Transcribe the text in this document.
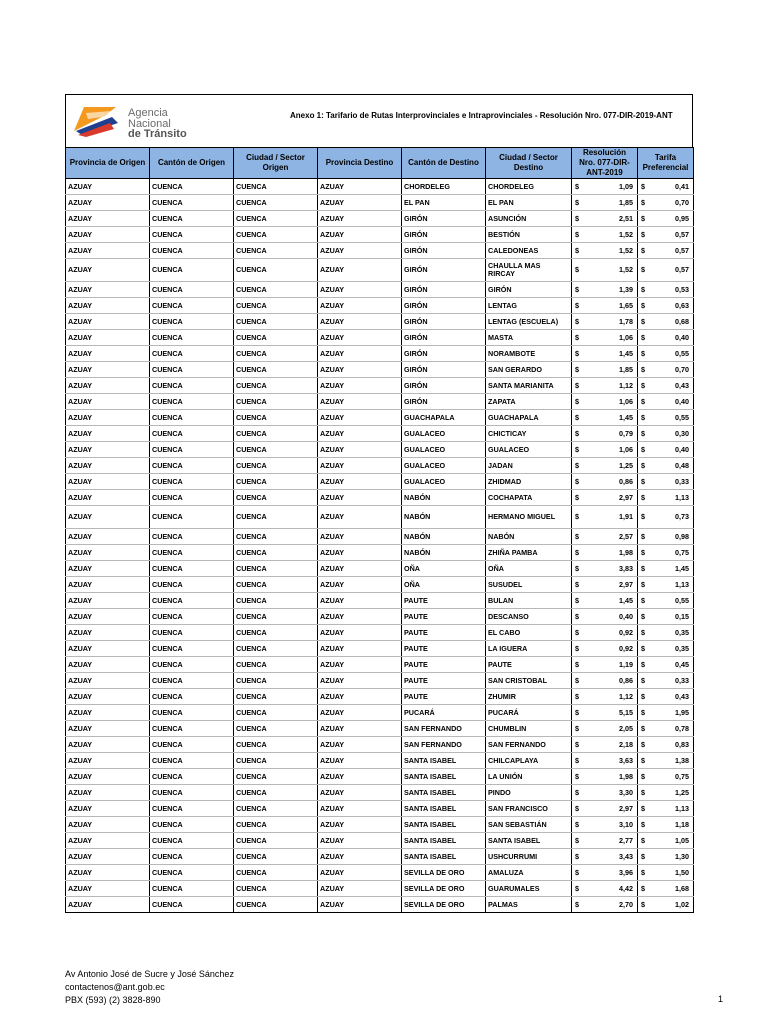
Agencia
Nacional
de Tránsito
Anexo 1: Tarifario de Rutas Interprovinciales e Intraprovinciales - Resolución Nro. 077-DIR-2019-ANT
Provincia de Origen	Cantón de Origen	Ciudad / Sector Origen	Provincia Destino	Cantón de Destino	Ciudad / Sector Destino	Resolución Nro. 077-DIR-ANT-2019	Tarifa Preferencial
AZUAY	CUENCA	CUENCA	AZUAY	CHORDELEG	CHORDELEG	$ 1,09	$ 0,41

AZUAY	CUENCA	CUENCA	AZUAY	EL PAN	EL PAN	$ 1,85	$ 0,70

AZUAY	CUENCA	CUENCA	AZUAY	GIRÓN	ASUNCIÓN	$ 2,51	$ 0,95

AZUAY	CUENCA	CUENCA	AZUAY	GIRÓN	BESTIÓN	$ 1,52	$ 0,57

AZUAY	CUENCA	CUENCA	AZUAY	GIRÓN	CALEDONEAS	$ 1,52	$ 0,57

AZUAY	CUENCA	CUENCA	AZUAY	GIRÓN	CHAULLA MAS RIRCAY	$ 1,52	$ 0,57

AZUAY	CUENCA	CUENCA	AZUAY	GIRÓN	GIRÓN	$ 1,39	$ 0,53

AZUAY	CUENCA	CUENCA	AZUAY	GIRÓN	LENTAG	$ 1,65	$ 0,63

AZUAY	CUENCA	CUENCA	AZUAY	GIRÓN	LENTAG (ESCUELA)	$ 1,78	$ 0,68

AZUAY	CUENCA	CUENCA	AZUAY	GIRÓN	MASTA	$ 1,06	$ 0,40

AZUAY	CUENCA	CUENCA	AZUAY	GIRÓN	NORAMBOTE	$ 1,45	$ 0,55

AZUAY	CUENCA	CUENCA	AZUAY	GIRÓN	SAN GERARDO	$ 1,85	$ 0,70

AZUAY	CUENCA	CUENCA	AZUAY	GIRÓN	SANTA MARIANITA	$ 1,12	$ 0,43

AZUAY	CUENCA	CUENCA	AZUAY	GIRÓN	ZAPATA	$ 1,06	$ 0,40

AZUAY	CUENCA	CUENCA	AZUAY	GUACHAPALA	GUACHAPALA	$ 1,45	$ 0,55

AZUAY	CUENCA	CUENCA	AZUAY	GUALACEO	CHICTICAY	$ 0,79	$ 0,30

AZUAY	CUENCA	CUENCA	AZUAY	GUALACEO	GUALACEO	$ 1,06	$ 0,40

AZUAY	CUENCA	CUENCA	AZUAY	GUALACEO	JADAN	$ 1,25	$ 0,48

AZUAY	CUENCA	CUENCA	AZUAY	GUALACEO	ZHIDMAD	$ 0,86	$ 0,33

AZUAY	CUENCA	CUENCA	AZUAY	NABÓN	COCHAPATA	$ 2,97	$ 1,13

AZUAY	CUENCA	CUENCA	AZUAY	NABÓN	HERMANO MIGUEL	$ 1,91	$ 0,73

AZUAY	CUENCA	CUENCA	AZUAY	NABÓN	NABÓN	$ 2,57	$ 0,98

AZUAY	CUENCA	CUENCA	AZUAY	NABÓN	ZHIÑA PAMBA	$ 1,98	$ 0,75

AZUAY	CUENCA	CUENCA	AZUAY	OÑA	OÑA	$ 3,83	$ 1,45

AZUAY	CUENCA	CUENCA	AZUAY	OÑA	SUSUDEL	$ 2,97	$ 1,13

AZUAY	CUENCA	CUENCA	AZUAY	PAUTE	BULAN	$ 1,45	$ 0,55

AZUAY	CUENCA	CUENCA	AZUAY	PAUTE	DESCANSO	$ 0,40	$ 0,15

AZUAY	CUENCA	CUENCA	AZUAY	PAUTE	EL CABO	$ 0,92	$ 0,35

AZUAY	CUENCA	CUENCA	AZUAY	PAUTE	LA IGUERA	$ 0,92	$ 0,35

AZUAY	CUENCA	CUENCA	AZUAY	PAUTE	PAUTE	$ 1,19	$ 0,45

AZUAY	CUENCA	CUENCA	AZUAY	PAUTE	SAN CRISTOBAL	$ 0,86	$ 0,33

AZUAY	CUENCA	CUENCA	AZUAY	PAUTE	ZHUMIR	$ 1,12	$ 0,43

AZUAY	CUENCA	CUENCA	AZUAY	PUCARÁ	PUCARÁ	$ 5,15	$ 1,95

AZUAY	CUENCA	CUENCA	AZUAY	SAN FERNANDO	CHUMBLIN	$ 2,05	$ 0,78

AZUAY	CUENCA	CUENCA	AZUAY	SAN FERNANDO	SAN FERNANDO	$ 2,18	$ 0,83

AZUAY	CUENCA	CUENCA	AZUAY	SANTA ISABEL	CHILCAPLAYA	$ 3,63	$ 1,38

AZUAY	CUENCA	CUENCA	AZUAY	SANTA ISABEL	LA UNIÓN	$ 1,98	$ 0,75

AZUAY	CUENCA	CUENCA	AZUAY	SANTA ISABEL	PINDO	$ 3,30	$ 1,25

AZUAY	CUENCA	CUENCA	AZUAY	SANTA ISABEL	SAN FRANCISCO	$ 2,97	$ 1,13

AZUAY	CUENCA	CUENCA	AZUAY	SANTA ISABEL	SAN SEBASTIÁN	$ 3,10	$ 1,18

AZUAY	CUENCA	CUENCA	AZUAY	SANTA ISABEL	SANTA ISABEL	$ 2,77	$ 1,05

AZUAY	CUENCA	CUENCA	AZUAY	SANTA ISABEL	USHCURRUMI	$ 3,43	$ 1,30

AZUAY	CUENCA	CUENCA	AZUAY	SEVILLA DE ORO	AMALUZA	$ 3,96	$ 1,50

AZUAY	CUENCA	CUENCA	AZUAY	SEVILLA DE ORO	GUARUMALES	$ 4,42	$ 1,68

AZUAY	CUENCA	CUENCA	AZUAY	SEVILLA DE ORO	PALMAS	$ 2,70	$ 1,02
Av Antonio José de Sucre y José Sánchez
contactenos@ant.gob.ec
PBX (593) (2) 3828-890	1
